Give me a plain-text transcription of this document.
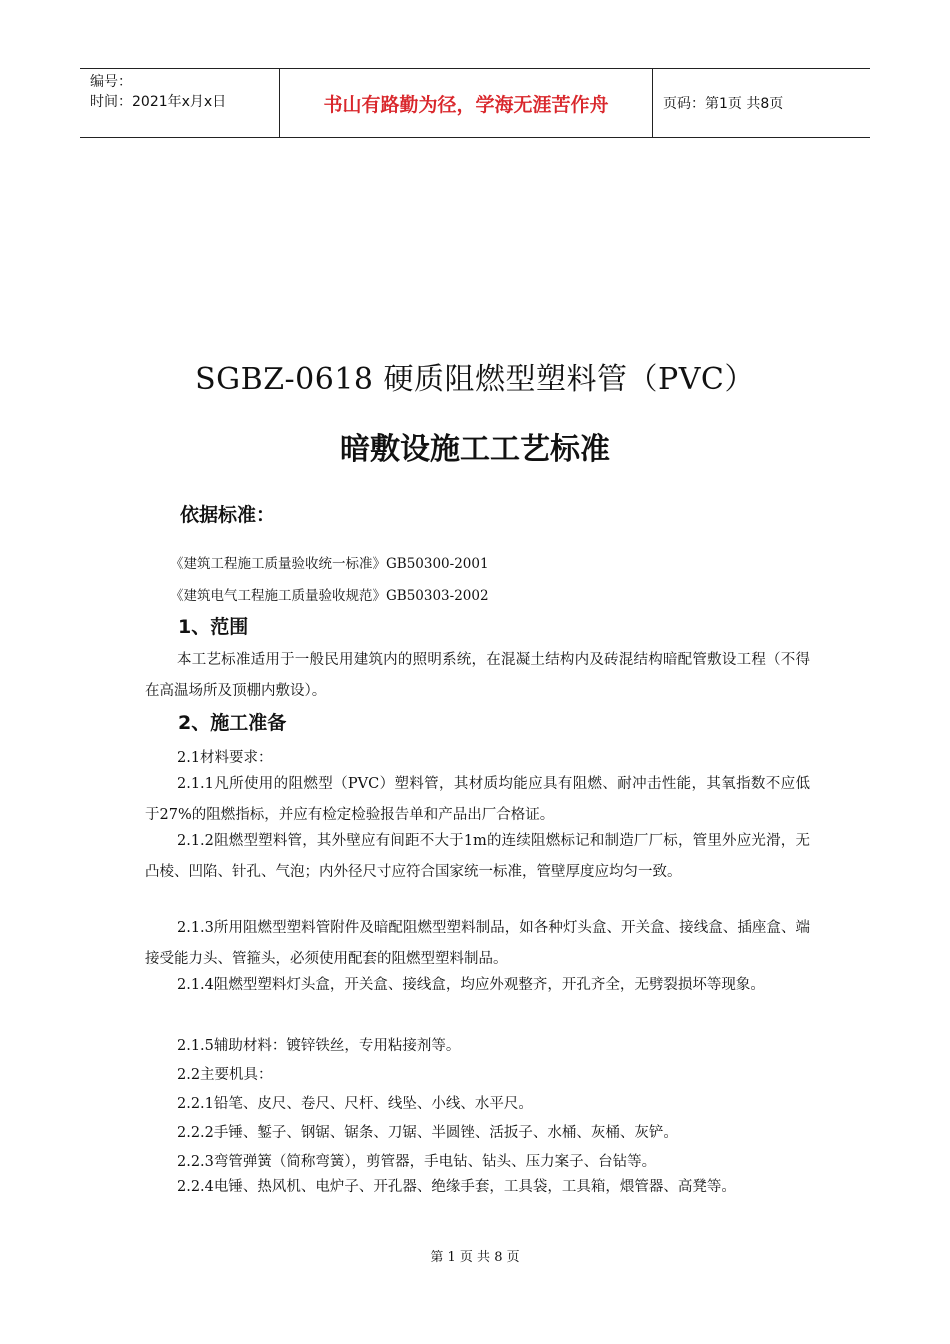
编号：
时间：2021年x月x日	书山有路勤为径，学海无涯苦作舟	页码：第1页 共8页
SGBZ-0618 硬质阻燃型塑料管（PVC）
暗敷设施工工艺标准
依据标准：
《建筑工程施工质量验收统一标准》GB50300-2001
《建筑电气工程施工质量验收规范》GB50303-2002
1、范围
本工艺标准适用于一般民用建筑内的照明系统，在混凝土结构内及砖混结构暗配管敷设工程（不得在高温场所及顶棚内敷设）。
2、施工准备
2.1材料要求：
2.1.1凡所使用的阻燃型（PVC）塑料管，其材质均能应具有阻燃、耐冲击性能，其氧指数不应低于27%的阻燃指标，并应有检定检验报告单和产品出厂合格证。
2.1.2阻燃型塑料管，其外壁应有间距不大于1m的连续阻燃标记和制造厂厂标，管里外应光滑，无凸棱、凹陷、针孔、气泡；内外径尺寸应符合国家统一标准，管壁厚度应均匀一致。
2.1.3所用阻燃型塑料管附件及暗配阻燃型塑料制品，如各种灯头盒、开关盒、接线盒、插座盒、端接受能力头、管箍头，必须使用配套的阻燃型塑料制品。
2.1.4阻燃型塑料灯头盒，开关盒、接线盒，均应外观整齐，开孔齐全，无劈裂损坏等现象。
2.1.5辅助材料：镀锌铁丝，专用粘接剂等。
2.2主要机具：
2.2.1铅笔、皮尺、卷尺、尺杆、线坠、小线、水平尺。
2.2.2手锤、錾子、钢锯、锯条、刀锯、半圆锉、活扳子、水桶、灰桶、灰铲。
2.2.3弯管弹簧（简称弯簧），剪管器，手电钻、钻头、压力案子、台钻等。
2.2.4电锤、热风机、电炉子、开孔器、绝缘手套，工具袋，工具箱，煨管器、高凳等。
第 1 页 共 8 页
